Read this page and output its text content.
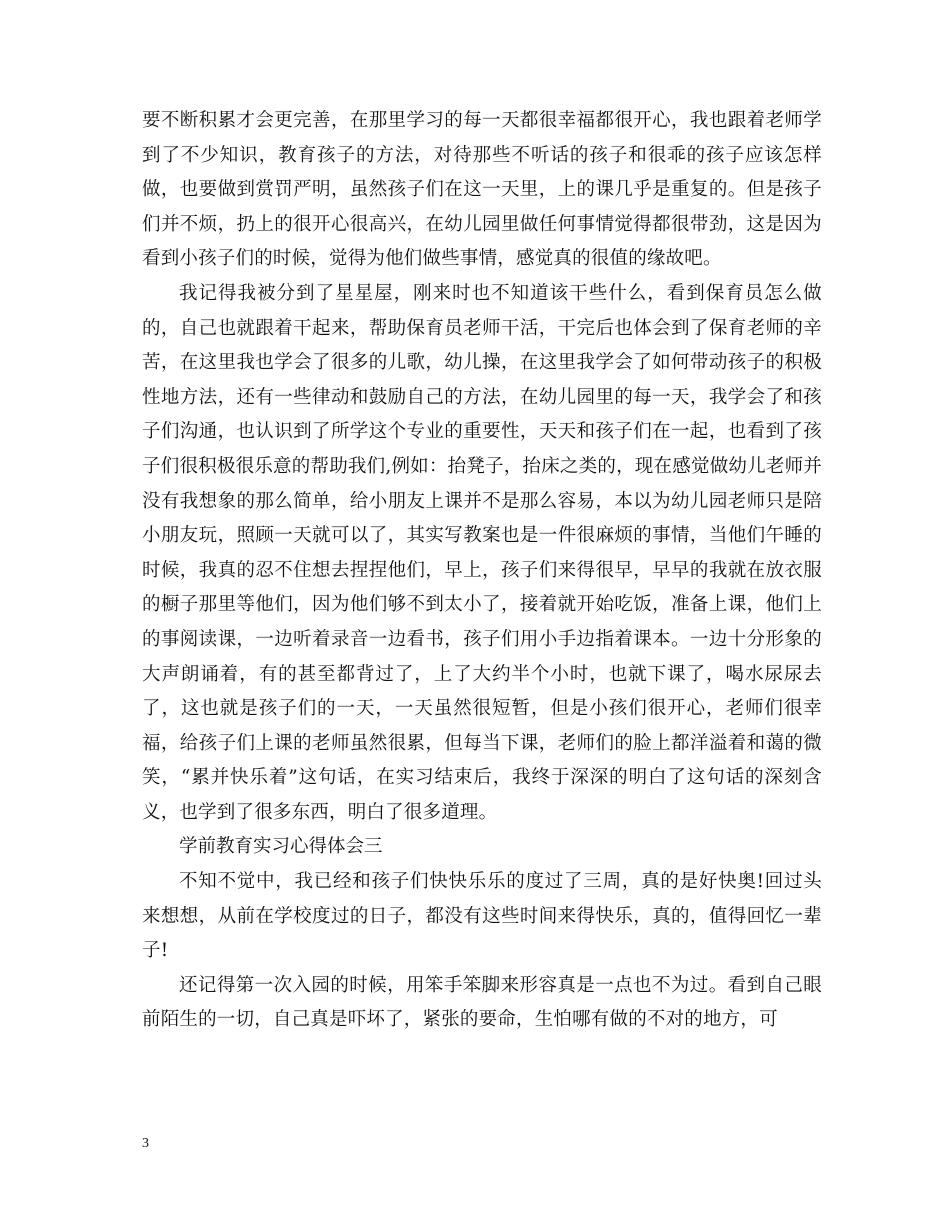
要不断积累才会更完善，在那里学习的每一天都很幸福都很开心，我也跟着老师学到了不少知识，教育孩子的方法，对待那些不听话的孩子和很乖的孩子应该怎样做，也要做到赏罚严明，虽然孩子们在这一天里，上的课几乎是重复的。但是孩子们并不烦，扔上的很开心很高兴，在幼儿园里做任何事情觉得都很带劲，这是因为看到小孩子们的时候，觉得为他们做些事情，感觉真的很值的缘故吧。

我记得我被分到了星星屋，刚来时也不知道该干些什么，看到保育员怎么做的，自己也就跟着干起来，帮助保育员老师干活，干完后也体会到了保育老师的辛苦，在这里我也学会了很多的儿歌，幼儿操，在这里我学会了如何带动孩子的积极性地方法，还有一些律动和鼓励自己的方法，在幼儿园里的每一天，我学会了和孩子们沟通，也认识到了所学这个专业的重要性，天天和孩子们在一起，也看到了孩子们很积极很乐意的帮助我们,例如：抬凳子，抬床之类的，现在感觉做幼儿老师并没有我想象的那么简单，给小朋友上课并不是那么容易，本以为幼儿园老师只是陪小朋友玩，照顾一天就可以了，其实写教案也是一件很麻烦的事情，当他们午睡的时候，我真的忍不住想去捏捏他们，早上，孩子们来得很早，早早的我就在放衣服的橱子那里等他们，因为他们够不到太小了，接着就开始吃饭，准备上课，他们上的事阅读课，一边听着录音一边看书，孩子们用小手边指着课本。一边十分形象的大声朗诵着，有的甚至都背过了，上了大约半个小时，也就下课了，喝水尿尿去了，这也就是孩子们的一天，一天虽然很短暂，但是小孩们很开心，老师们很幸福，给孩子们上课的老师虽然很累，但每当下课，老师们的脸上都洋溢着和蔼的微笑，“累并快乐着”这句话，在实习结束后，我终于深深的明白了这句话的深刻含义，也学到了很多东西，明白了很多道理。

学前教育实习心得体会三

不知不觉中，我已经和孩子们快快乐乐的度过了三周，真的是好快奥!回过头来想想，从前在学校度过的日子，都没有这些时间来得快乐，真的，值得回忆一辈子!

还记得第一次入园的时候，用笨手笨脚来形容真是一点也不为过。看到自己眼前陌生的一切，自己真是吓坏了，紧张的要命，生怕哪有做的不对的地方，可

3
